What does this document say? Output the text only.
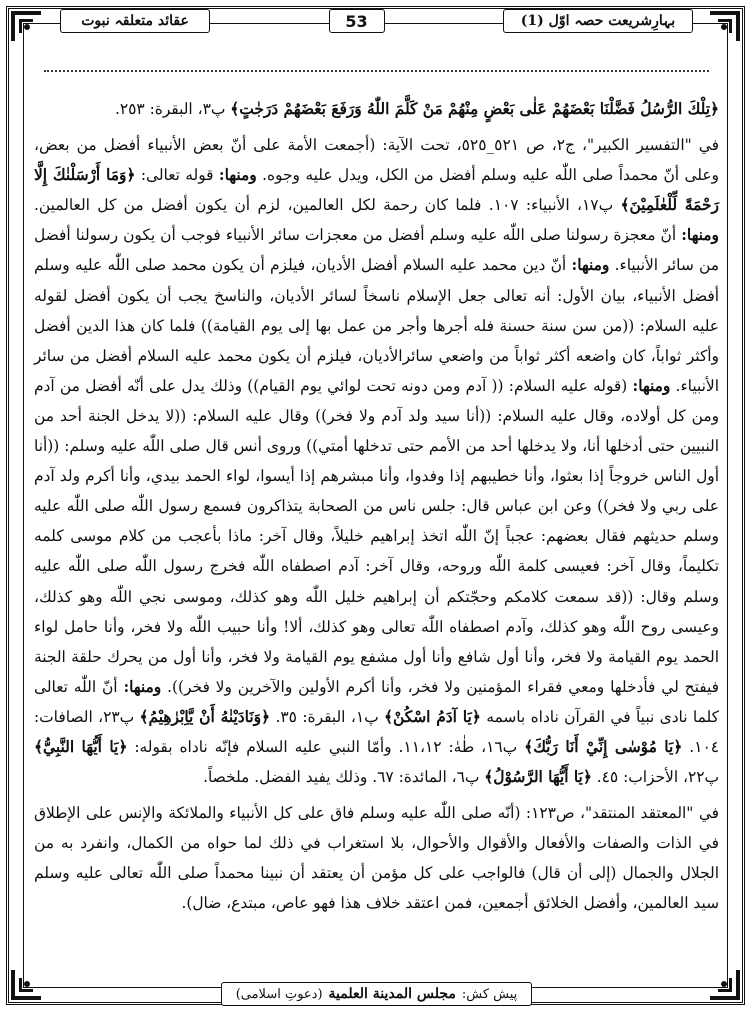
عقائد متعلقہ نبوت	53	بہارِشریعت حصہ اوّل (1)

﴿تِلْكَ الرُّسُلُ فَضَّلْنَا بَعْضَهُمْ عَلٰى بَعْضٍ مِنْهُمْ مَنْ كَلَّمَ اللّٰهُ وَرَفَعَ بَعْضَهُمْ دَرَجٰتٍ﴾ پ٣، البقرة: ٢٥٣.

في "التفسير الكبير"، ج٢، ص ٥٢١_٥٢٥، تحت الآية: (أجمعت الأمة على أنّ بعض الأنبياء أفضل من بعض، وعلى أنّ محمداً صلى اللّٰه عليه وسلم أفضل من الكل، ويدل عليه وجوه. ومنها: قوله تعالى: ﴿وَمَا أَرْسَلْنٰكَ إِلَّا رَحْمَةً لِّلْعٰلَمِيْنَ﴾ پ١٧، الأنبياء: ١٠٧. فلما كان رحمة لكل العالمين، لزم أن يكون أفضل من كل العالمين. ومنها: أنّ معجزة رسولنا صلى اللّٰه عليه وسلم أفضل من معجزات سائر الأنبياء فوجب أن يكون رسولنا أفضل من سائر الأنبياء. ومنها: أنّ دين محمد عليه السلام أفضل الأديان، فيلزم أن يكون محمد صلى اللّٰه عليه وسلم أفضل الأنبياء، بيان الأول: أنه تعالى جعل الإسلام ناسخاً لسائر الأديان، والناسخ يجب أن يكون أفضل لقوله عليه السلام: ((من سن سنة حسنة فله أجرها وأجر من عمل بها إلى يوم القيامة)) فلما كان هذا الدين أفضل وأكثر ثواباً، كان واضعه أكثر ثواباً من واضعي سائرالأديان، فيلزم أن يكون محمد عليه السلام أفضل من سائر الأنبياء. ومنها: (قوله عليه السلام: (( آدم ومن دونه تحت لوائي يوم القيام)) وذلك يدل على أنّه أفضل من آدم ومن كل أولاده، وقال عليه السلام: ((أنا سيد ولد آدم ولا فخر)) وقال عليه السلام: ((لا يدخل الجنة أحد من النبيين حتى أدخلها أنا، ولا يدخلها أحد من الأمم حتى تدخلها أمتي)) وروى أنس قال صلى اللّٰه عليه وسلم: ((أنا أول الناس خروجاً إذا بعثوا، وأنا خطيبهم إذا وفدوا، وأنا مبشرهم إذا أيسوا، لواء الحمد بيدي، وأنا أكرم ولد آدم على ربي ولا فخر)) وعن ابن عباس قال: جلس ناس من الصحابة يتذاكرون فسمع رسول اللّٰه صلى اللّٰه عليه وسلم حديثهم فقال بعضهم: عجباً إنّ اللّٰه اتخذ إبراهيم خليلاً، وقال آخر: ماذا بأعجب من كلام موسى كلمه تكليماً، وقال آخر: فعيسى كلمة اللّٰه وروحه، وقال آخر: آدم اصطفاه اللّٰه فخرج رسول اللّٰه صلى اللّٰه عليه وسلم وقال: ((قد سمعت كلامكم وحجّتكم أن إبراهيم خليل اللّٰه وهو كذلك، وموسى نجي اللّٰه وهو كذلك، وعيسى روح اللّٰه وهو كذلك، وآدم اصطفاه اللّٰه تعالى وهو كذلك، ألا! وأنا حبيب اللّٰه ولا فخر، وأنا حامل لواء الحمد يوم القيامة ولا فخر، وأنا أول شافع وأنا أول مشفع يوم القيامة ولا فخر، وأنا أول من يحرك حلقة الجنة فيفتح لي فأدخلها ومعي فقراء المؤمنين ولا فخر، وأنا أكرم الأولين والآخرين ولا فخر)). ومنها: أنّ اللّٰه تعالى كلما نادى نبياً في القرآن ناداه باسمه ﴿يَا آدَمُ اسْكُنْ﴾ پ١، البقرة: ٣٥. ﴿وَنَادَيْنٰهُ أَنْ يَّاِبْرٰهِيْمُ﴾ پ٢٣، الصافات: ١٠٤. ﴿يَا مُوْسٰى إِنِّيْ أَنَا رَبُّكَ﴾ پ١٦، طٰهٰ: ١١،١٢. وأمّا النبي عليه السلام فإنّه ناداه بقوله: ﴿يَا أَيُّهَا النَّبِيُّ﴾ پ٢٢، الأحزاب: ٤٥. ﴿يَا أَيُّهَا الرَّسُوْلُ﴾ پ٦، المائدة: ٦٧. وذلك يفيد الفضل. ملخصاً.

في "المعتقد المنتقد"، ص١٢٣: (أنّه صلى اللّٰه عليه وسلم فاق على كل الأنبياء والملائكة والإنس على الإطلاق في الذات والصفات والأفعال والأقوال والأحوال، بلا استغراب في ذلك لما حواه من الكمال، وانفرد به من الجلال والجمال (إلى أن قال) فالواجب على كل مؤمن أن يعتقد أن نبينا محمداً صلى اللّٰه تعالى عليه وسلم سيد العالمين، وأفضل الخلائق أجمعين، فمن اعتقد خلاف هذا فهو عاص، مبتدع، ضال).

پیش کش:
مجلس المدینة العلمیة
(دعوتِ اسلامی)
